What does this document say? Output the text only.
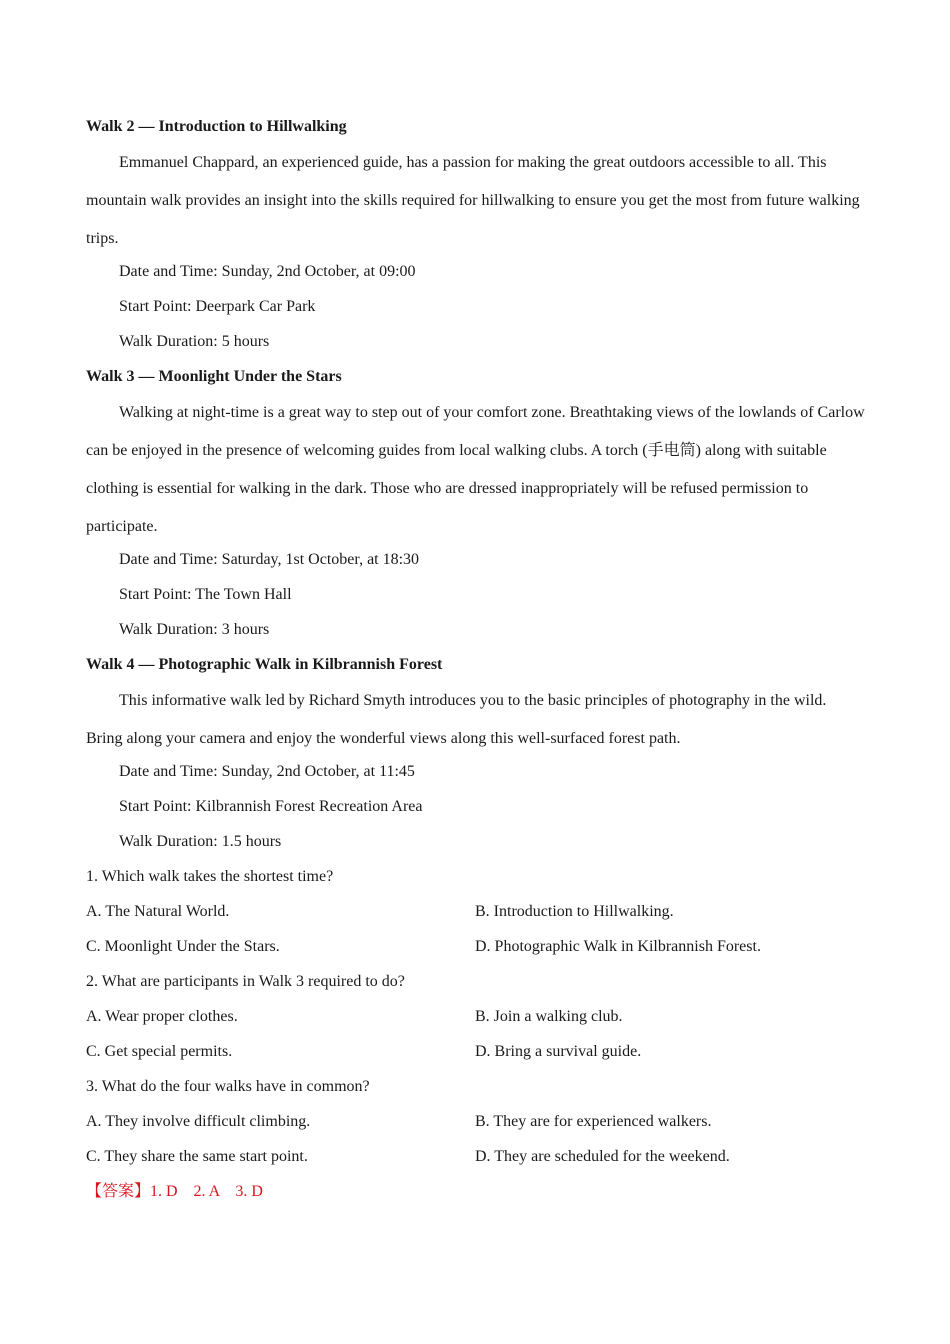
Walk 2 — Introduction to Hillwalking
Emmanuel Chappard, an experienced guide, has a passion for making the great outdoors accessible to all. This mountain walk provides an insight into the skills required for hillwalking to ensure you get the most from future walking trips.
Date and Time: Sunday, 2nd October, at 09:00
Start Point: Deerpark Car Park
Walk Duration: 5 hours
Walk 3 — Moonlight Under the Stars
Walking at night-time is a great way to step out of your comfort zone. Breathtaking views of the lowlands of Carlow can be enjoyed in the presence of welcoming guides from local walking clubs. A torch (手电筒) along with suitable clothing is essential for walking in the dark. Those who are dressed inappropriately will be refused permission to participate.
Date and Time: Saturday, 1st October, at 18:30
Start Point: The Town Hall
Walk Duration: 3 hours
Walk 4 — Photographic Walk in Kilbrannish Forest
This informative walk led by Richard Smyth introduces you to the basic principles of photography in the wild. Bring along your camera and enjoy the wonderful views along this well-surfaced forest path.
Date and Time: Sunday, 2nd October, at 11:45
Start Point: Kilbrannish Forest Recreation Area
Walk Duration: 1.5 hours
1. Which walk takes the shortest time?
A. The Natural World.	B. Introduction to Hillwalking.
C. Moonlight Under the Stars.	D. Photographic Walk in Kilbrannish Forest.
2. What are participants in Walk 3 required to do?
A. Wear proper clothes.	B. Join a walking club.
C. Get special permits.	D. Bring a survival guide.
3. What do the four walks have in common?
A. They involve difficult climbing.	B. They are for experienced walkers.
C. They share the same start point.	D. They are scheduled for the weekend.
【答案】1. D　2. A　3. D
